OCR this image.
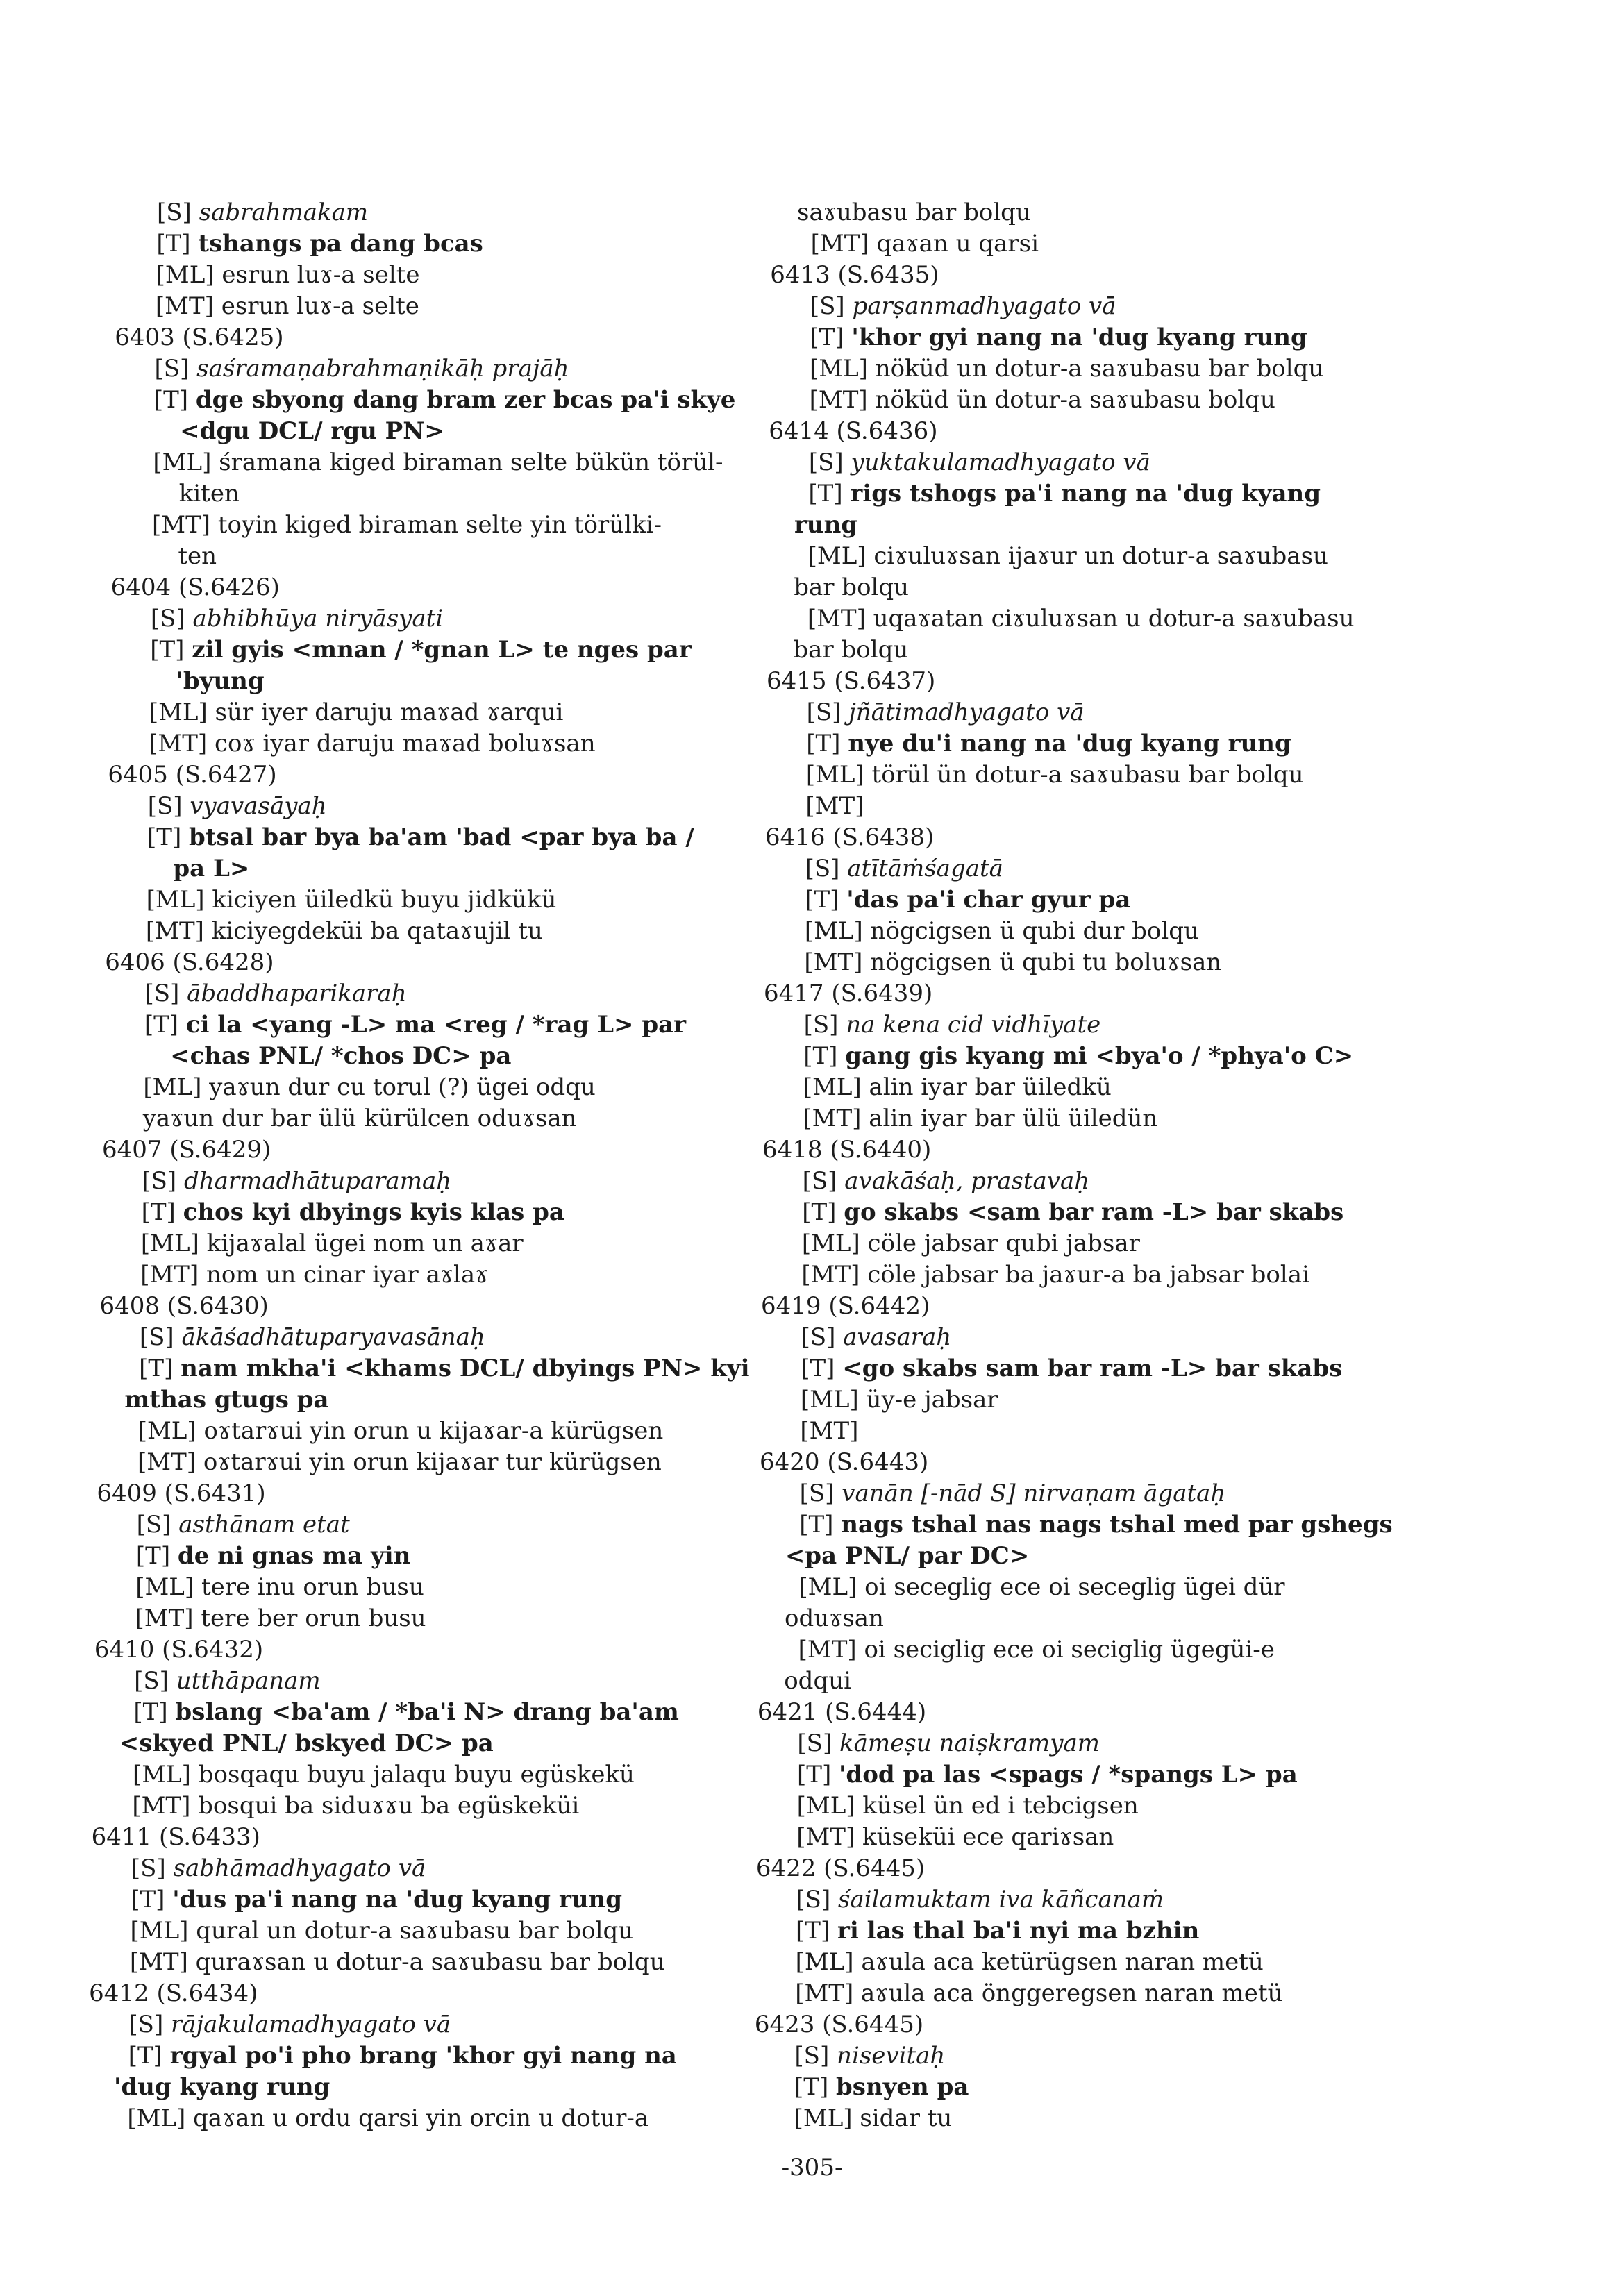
[S] sabrahmakam
[T] tshangs pa dang bcas
[ML] esrun luɤ-a selte
[MT] esrun luɤ-a selte
6403 (S.6425)
[S] saśramaṇabrahmaṇikāḥ prajāḥ
[T] dge sbyong dang bram zer bcas pa'i skye
<dgu DCL/ rgu PN>
[ML] śramana kiged biraman selte bükün törül-
kiten
[MT] toyin kiged biraman selte yin törülki-
ten
6404 (S.6426)
[S] abhibhūya niryāsyati
[T] zil gyis <mnan / *gnan L> te nges par
'byung
[ML] sür iyer daruju maɤad ɤarqui
[MT] coɤ iyar daruju maɤad boluɤsan
6405 (S.6427)
[S] vyavasāyaḥ
[T] btsal bar bya ba'am 'bad <par bya ba /
pa L>
[ML] kiciyen üiledkü buyu jidkükü
[MT] kiciyegdeküi ba qataɤujil tu
6406 (S.6428)
[S] ābaddhaparikaraḥ
[T] ci la <yang -L> ma <reg / *rag L> par
<chas PNL/ *chos DC> pa
[ML] yaɤun dur cu torul (?) ügei odqu
yaɤun dur bar ülü kürülcen oduɤsan
6407 (S.6429)
[S] dharmadhātuparamaḥ
[T] chos kyi dbyings kyis klas pa
[ML] kijaɤalal ügei nom un aɤar
[MT] nom un cinar iyar aɤlaɤ
6408 (S.6430)
[S] ākāśadhātuparyavasānaḥ
[T] nam mkha'i <khams DCL/ dbyings PN> kyi
mthas gtugs pa
[ML] oɤtarɤui yin orun u kijaɤar-a kürügsen
[MT] oɤtarɤui yin orun kijaɤar tur kürügsen
6409 (S.6431)
[S] asthānam etat
[T] de ni gnas ma yin
[ML] tere inu orun busu
[MT] tere ber orun busu
6410 (S.6432)
[S] utthāpanam
[T] bslang <ba'am / *ba'i N> drang ba'am
<skyed PNL/ bskyed DC> pa
[ML] bosqaqu buyu jalaqu buyu egüskekü
[MT] bosqui ba siduɤɤu ba egüskeküi
6411 (S.6433)
[S] sabhāmadhyagato vā
[T] 'dus pa'i nang na 'dug kyang rung
[ML] qural un dotur-a saɤubasu bar bolqu
[MT] quraɤsan u dotur-a saɤubasu bar bolqu
6412 (S.6434)
[S] rājakulamadhyagato vā
[T] rgyal po'i pho brang 'khor gyi nang na
'dug kyang rung
[ML] qaɤan u ordu qarsi yin orcin u dotur-a
saɤubasu bar bolqu
[MT] qaɤan u qarsi
6413 (S.6435)
[S] parṣanmadhyagato vā
[T] 'khor gyi nang na 'dug kyang rung
[ML] nöküd un dotur-a saɤubasu bar bolqu
[MT] nöküd ün dotur-a saɤubasu bolqu
6414 (S.6436)
[S] yuktakulamadhyagato vā
[T] rigs tshogs pa'i nang na 'dug kyang
rung
[ML] ciɤuluɤsan ijaɤur un dotur-a saɤubasu
bar bolqu
[MT] uqaɤatan ciɤuluɤsan u dotur-a saɤubasu
bar bolqu
6415 (S.6437)
[S] jñātimadhyagato vā
[T] nye du'i nang na 'dug kyang rung
[ML] törül ün dotur-a saɤubasu bar bolqu
[MT]
6416 (S.6438)
[S] atītāṁśagatā
[T] 'das pa'i char gyur pa
[ML] nögcigsen ü qubi dur bolqu
[MT] nögcigsen ü qubi tu boluɤsan
6417 (S.6439)
[S] na kena cid vidhīyate
[T] gang gis kyang mi <bya'o / *phya'o C>
[ML] alin iyar bar üiledkü
[MT] alin iyar bar ülü üiledün
6418 (S.6440)
[S] avakāśaḥ, prastavaḥ
[T] go skabs <sam bar ram -L> bar skabs
[ML] cöle jabsar qubi jabsar
[MT] cöle jabsar ba jaɤur-a ba jabsar bolai
6419 (S.6442)
[S] avasaraḥ
[T] <go skabs sam bar ram -L> bar skabs
[ML] üy-e jabsar
[MT]
6420 (S.6443)
[S] vanān [-nād S] nirvaṇam āgataḥ
[T] nags tshal nas nags tshal med par gshegs
<pa PNL/ par DC>
[ML] oi seceglig ece oi seceglig ügei dür
oduɤsan
[MT] oi seciglig ece oi seciglig ügegüi-e
odqui
6421 (S.6444)
[S] kāmeṣu naiṣkramyam
[T] 'dod pa las <spags / *spangs L> pa
[ML] küsel ün ed i tebcigsen
[MT] küseküi ece qariɤsan
6422 (S.6445)
[S] śailamuktam iva kāñcanaṁ
[T] ri las thal ba'i nyi ma bzhin
[ML] aɤula aca ketürügsen naran metü
[MT] aɤula aca önggeregsen naran metü
6423 (S.6445)
[S] nisevitaḥ
[T] bsnyen pa
[ML] sidar tu
-305-
